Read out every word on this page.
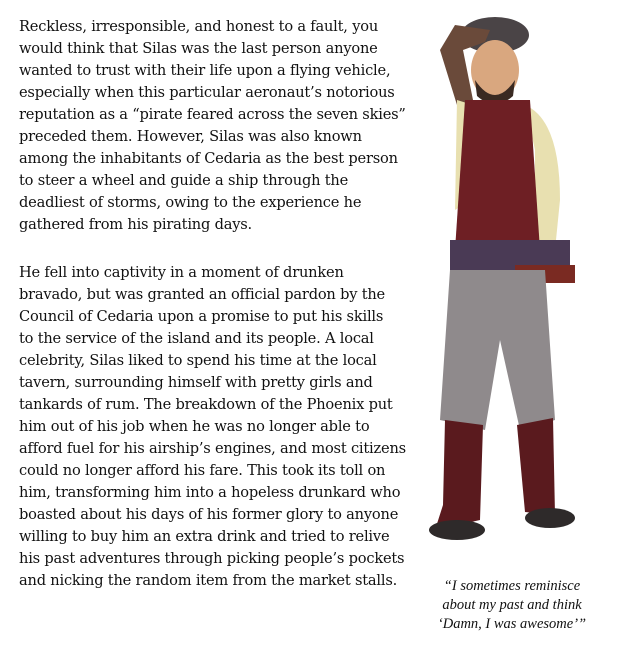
Reckless, irresponsible, and honest to a fault, you
would think that Silas was the last person anyone
wanted to trust with their life upon a flying vehicle,
especially when this particular aeronaut’s notorious
reputation as a “pirate feared across the seven skies”
preceded them. However, Silas was also known
among the inhabitants of Cedaria as the best person
to steer a wheel and guide a ship through the
deadliest of storms, owing to the experience he
gathered from his pirating days.
He fell into captivity in a moment of drunken
bravado, but was granted an official pardon by the
Council of Cedaria upon a promise to put his skills
to the service of the island and its people. A local
celebrity, Silas liked to spend his time at the local
tavern, surrounding himself with pretty girls and
tankards of rum. The breakdown of the Phoenix put
him out of his job when he was no longer able to
afford fuel for his airship’s engines, and most citizens
could no longer afford his fare. This took its toll on
him, transforming him into a hopeless drunkard who
boasted about his days of his former glory to anyone
willing to buy him an extra drink and tried to relive
his past adventures through picking people’s pockets
and nicking the random item from the market stalls.	“I sometimes reminisce
about my past and think
‘Damn, I was awesome’”
